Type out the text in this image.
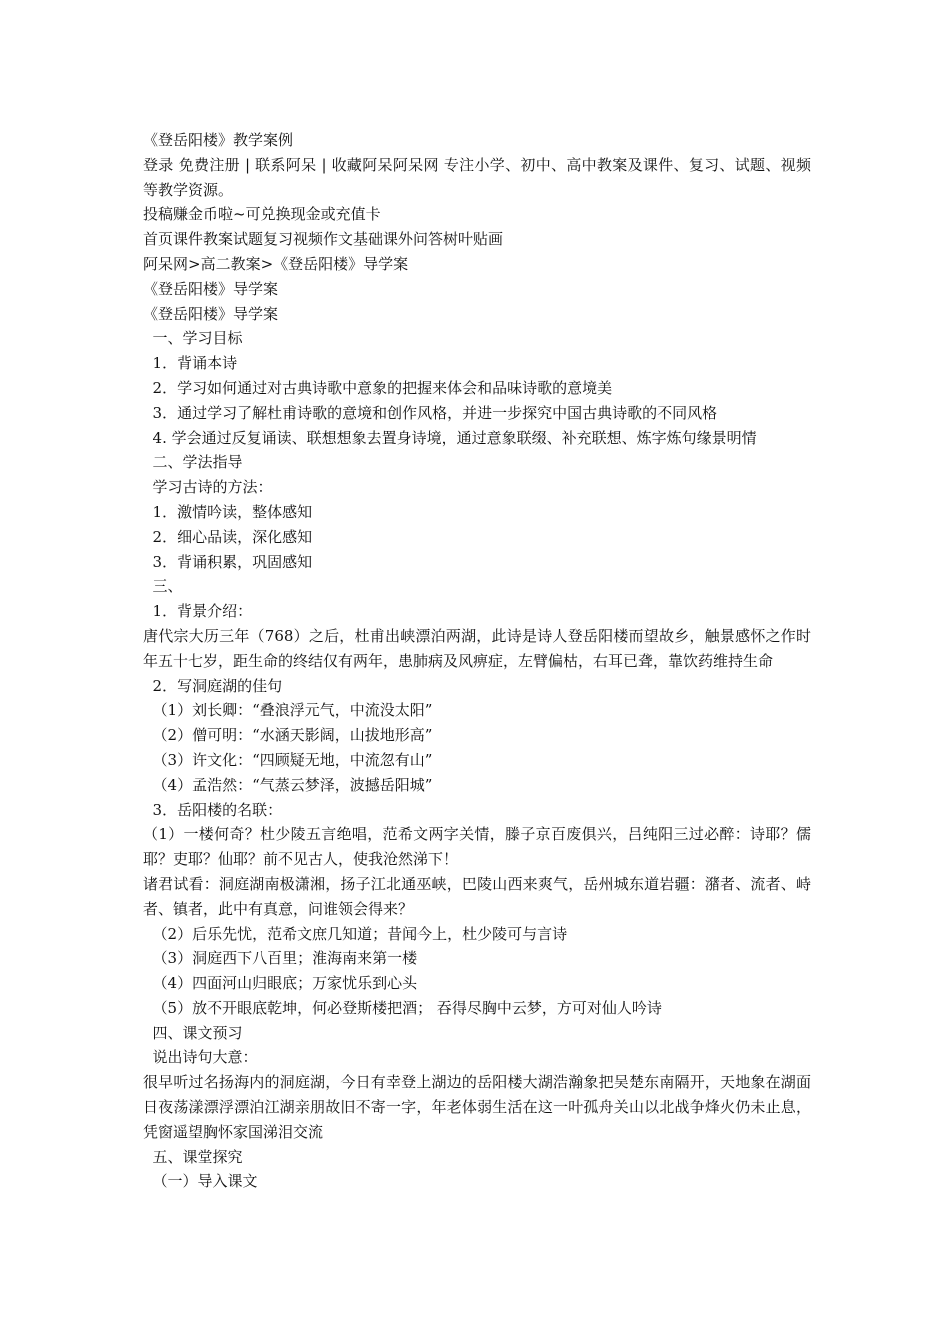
《登岳阳楼》教学案例

登录 免费注册 | 联系阿呆 | 收藏阿呆阿呆网 专注小学、初中、高中教案及课件、复习、试题、视频等教学资源。

投稿赚金币啦~可兑换现金或充值卡

首页课件教案试题复习视频作文基础课外问答树叶贴画

阿呆网>高二教案>《登岳阳楼》导学案

《登岳阳楼》导学案

《登岳阳楼》导学案

一、学习目标

1．背诵本诗

2．学习如何通过对古典诗歌中意象的把握来体会和品味诗歌的意境美

3．通过学习了解杜甫诗歌的意境和创作风格，并进一步探究中国古典诗歌的不同风格

4. 学会通过反复诵读、联想想象去置身诗境，通过意象联缀、补充联想、炼字炼句缘景明情

二、学法指导

学习古诗的方法：

1．激情吟读，整体感知

2．细心品读，深化感知

3．背诵积累，巩固感知

三、

1．背景介绍：

唐代宗大历三年（768）之后，杜甫出峡漂泊两湖，此诗是诗人登岳阳楼而望故乡，触景感怀之作时年五十七岁，距生命的终结仅有两年，患肺病及风痹症，左臂偏枯，右耳已聋，靠饮药维持生命

2．写洞庭湖的佳句

（1）刘长卿：“叠浪浮元气，中流没太阳”

（2）僧可明：“水涵天影阔，山拔地形高”

（3）许文化：“四顾疑无地，中流忽有山”

（4）孟浩然：“气蒸云梦泽，波撼岳阳城”

3．岳阳楼的名联：

（1）一楼何奇？杜少陵五言绝唱，范希文两字关情，滕子京百废俱兴，吕纯阳三过必醉：诗耶？儒耶？吏耶？仙耶？前不见古人，使我沧然涕下！

诸君试看：洞庭湖南极潇湘，扬子江北通巫峡，巴陵山西来爽气，岳州城东道岩疆：潴者、流者、峙者、镇者，此中有真意，问谁领会得来？

（2）后乐先忧，范希文庶几知道；昔闻今上，杜少陵可与言诗

（3）洞庭西下八百里；淮海南来第一楼

（4）四面河山归眼底；万家忧乐到心头

（5）放不开眼底乾坤，何必登斯楼把酒； 吞得尽胸中云梦，方可对仙人吟诗

四、课文预习

说出诗句大意：

很早听过名扬海内的洞庭湖，今日有幸登上湖边的岳阳楼大湖浩瀚象把吴楚东南隔开，天地象在湖面日夜荡漾漂浮漂泊江湖亲朋故旧不寄一字，年老体弱生活在这一叶孤舟关山以北战争烽火仍未止息，凭窗遥望胸怀家国涕泪交流

五、课堂探究

（一）导入课文
